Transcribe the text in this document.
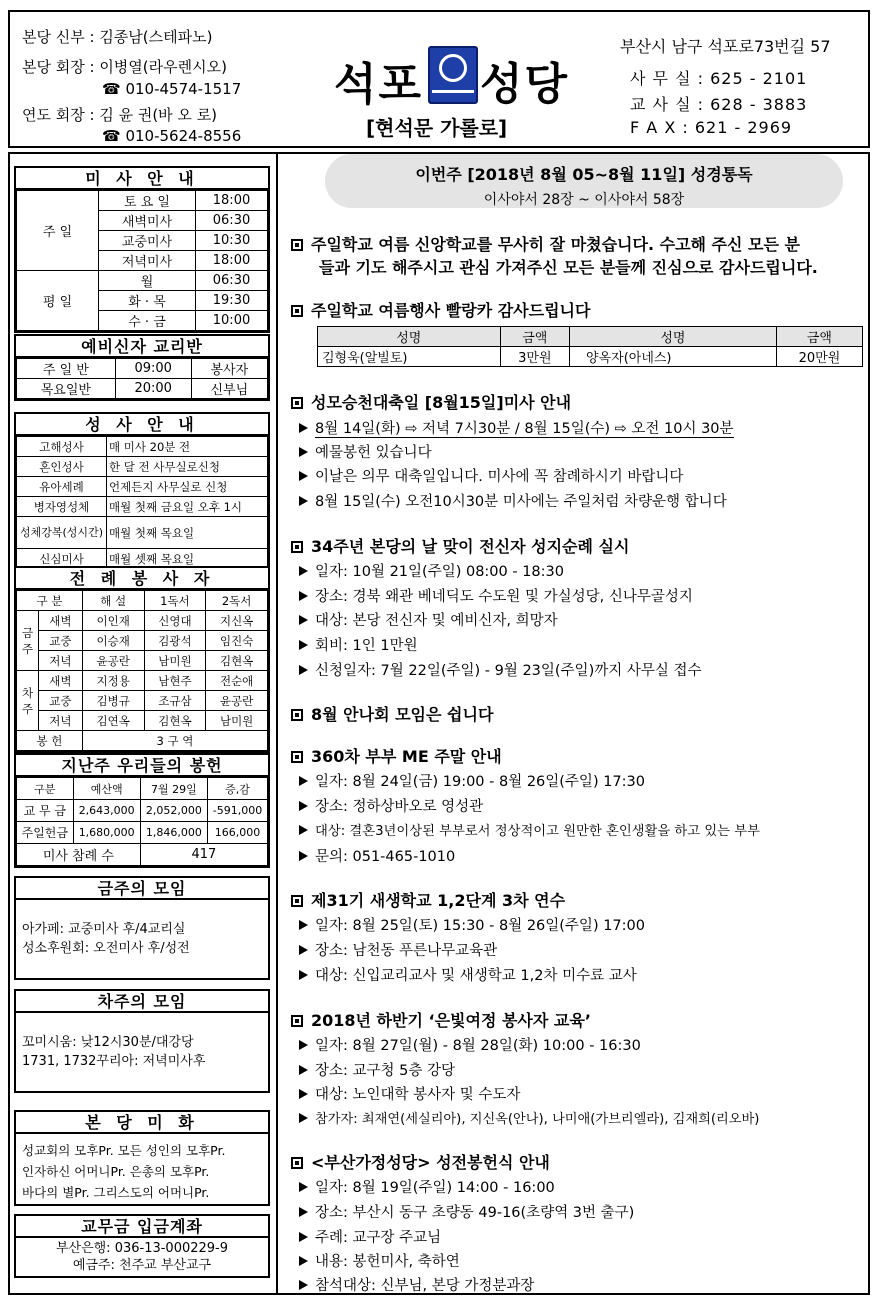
본당 신부 : 김종남(스테파노)
본당 회장 : 이병열(라우렌시오)
☎ 010-4574-1517
연도 회장 : 김 윤 권(바 오 로)
☎ 010-5624-8556
석포 성당
[현석문 가롤로]
부산시 남구 석포로73번길 57
사 무 실 : 625 - 2101
교 사 실 : 628 - 3883
F A X : 621 - 2969
미 사 안 내
주 일	토 요 일	18:00
	새벽미사	06:30
	교중미사	10:30
	저녁미사	18:00
평 일	월	06:30
	화 · 목	19:30
	수 · 금	10:00
예비신자 교리반
주 일 반	09:00	봉사자
목요일반	20:00	신부님
성 사 안 내
고해성사	매 미사 20분 전
혼인성사	한 달 전 사무실로신청
유아세례	언제든지 사무실로 신청
병자영성체	매월 첫째 금요일 오후 1시
성체강복(성시간)	매월 첫째 목요일
신심미사	매월 셋째 목요일
전 례 봉 사 자
구 분		해 설	1독서	2독서
금주	새벽	이인재	신영대	지신옥
	교중	이승재	김광석	임진숙
	저녁	윤공란	남미원	김현옥
차주	새벽	지정용	남현주	전순애
	교중	김병규	조규삼	윤공란
	저녁	김연옥	김현옥	남미원
봉 헌		3 구 역		
지난주 우리들의 봉헌
구분	예산액	7월 29일	증,감
교 무 금	2,643,000	2,052,000	-591,000
주일헌금	1,680,000	1,846,000	166,000
미사 참례 수		417	
금주의 모임
아가페: 교중미사 후/4교리실
성소후원회: 오전미사 후/성전
차주의 모임
꼬미시움: 낮12시30분/대강당
1731, 1732꾸리아: 저녁미사후
본 당 미 화
성교회의 모후Pr. 모든 성인의 모후Pr.
인자하신 어머니Pr. 은총의 모후Pr.
바다의 별Pr. 그리스도의 어머니Pr.
교무금 입금계좌
부산은행: 036-13-000229-9
예금주: 천주교 부산교구
이번주 [2018년 8월 05~8월 11일] 성경통독
이사야서 28장 ~ 이사야서 58장
주일학교 여름 신앙학교를 무사히 잘 마쳤습니다. 수고해 주신 모든 분
들과 기도 해주시고 관심 가져주신 모든 분들께 진심으로 감사드립니다.
주일학교 여름행사 빨랑카 감사드립니다
성명	금액	성명	금액
김형욱(알빌토)	3만원	양옥자(아네스)	20만원
성모승천대축일 [8월15일]미사 안내
8월 14일(화) ⇨ 저녁 7시30분 / 8월 15일(수) ⇨ 오전 10시 30분
예물봉헌 있습니다
이날은 의무 대축일입니다. 미사에 꼭 참례하시기 바랍니다
8월 15일(수) 오전10시30분 미사에는 주일처럼 차량운행 합니다
34주년 본당의 날 맞이 전신자 성지순례 실시
일자: 10월 21일(주일) 08:00 - 18:30
장소: 경북 왜관 베네딕도 수도원 및 가실성당, 신나무골성지
대상: 본당 전신자 및 예비신자, 희망자
회비: 1인 1만원
신청일자: 7월 22일(주일) - 9월 23일(주일)까지 사무실 접수
8월 안나회 모임은 쉽니다
360차 부부 ME 주말 안내
일자: 8월 24일(금) 19:00 - 8월 26일(주일) 17:30
장소: 정하상바오로 영성관
대상: 결혼3년이상된 부부로서 정상적이고 원만한 혼인생활을 하고 있는 부부
문의: 051-465-1010
제31기 새생학교 1,2단계 3차 연수
일자: 8월 25일(토) 15:30 - 8월 26일(주일) 17:00
장소: 남천동 푸른나무교육관
대상: 신입교리교사 및 새생학교 1,2차 미수료 교사
2018년 하반기 ‘은빛여정 봉사자 교육’
일자: 8월 27일(월) - 8월 28일(화) 10:00 - 16:30
장소: 교구청 5층 강당
대상: 노인대학 봉사자 및 수도자
참가자: 최재연(세실리아), 지신옥(안나), 나미애(가브리엘라), 김재희(리오바)
<부산가정성당> 성전봉헌식 안내
일자: 8월 19일(주일) 14:00 - 16:00
장소: 부산시 동구 초량동 49-16(초량역 3번 출구)
주례: 교구장 주교님
내용: 봉헌미사, 축하연
참석대상: 신부님, 본당 가정분과장
